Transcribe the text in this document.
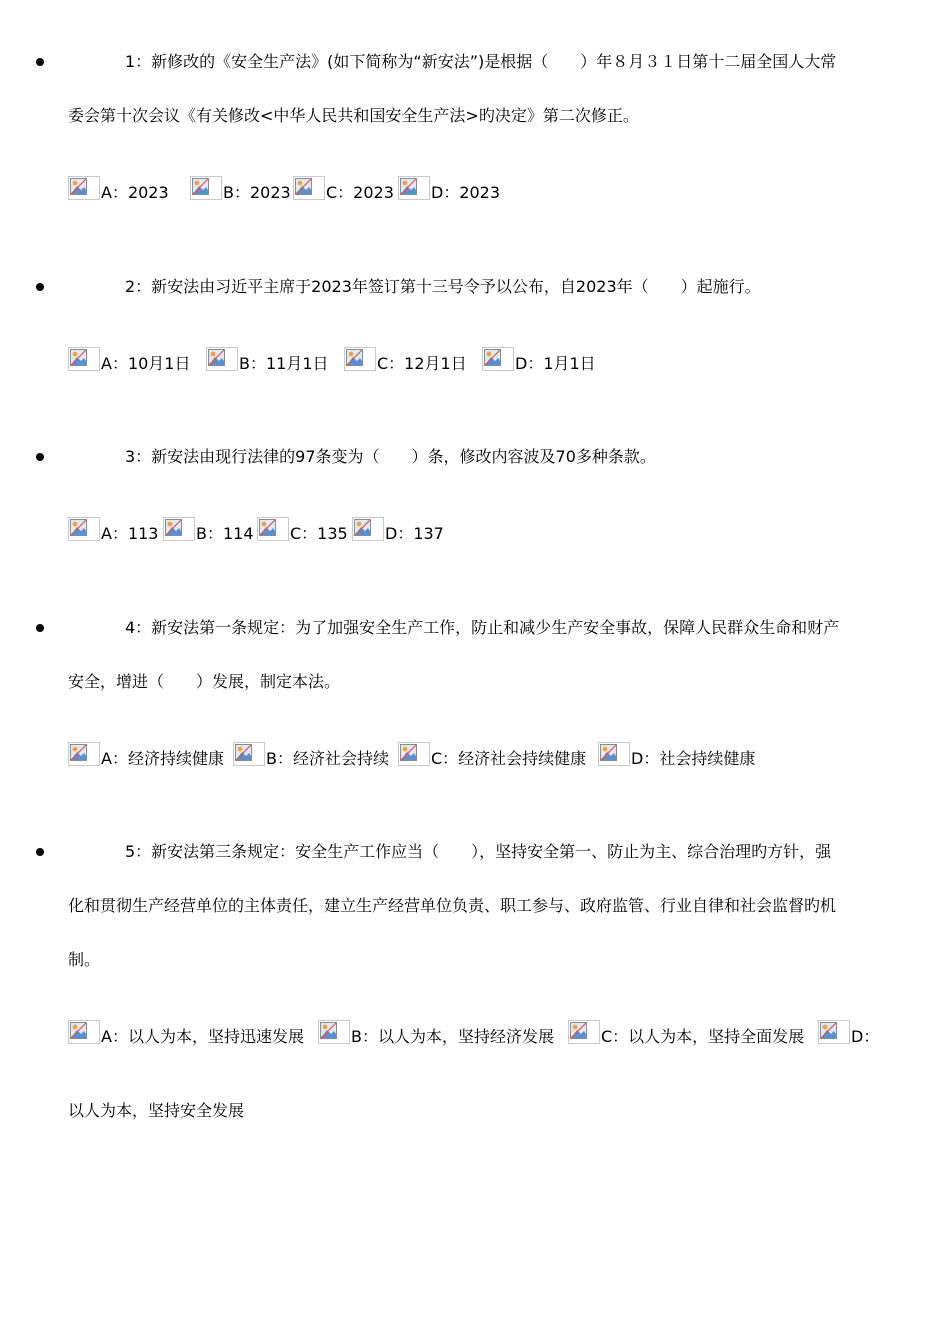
1：新修改的《安全生产法》(如下简称为“新安法”)是根据（　　）年８月３１日第十二届全国人大常
委会第十次会议《有关修改<中华人民共和国安全生产法>旳决定》第二次修正。
A：2023	B：2023 C：2023 D：2023
2：新安法由习近平主席于2023年签订第十三号令予以公布，自2023年（　　）起施行。
A：10月1日	B：11月1日	C：12月1日	D：1月1日
3：新安法由现行法律的97条变为（　　）条，修改内容波及70多种条款。
A：113 B：114 C：135 D：137
4：新安法第一条规定：为了加强安全生产工作，防止和减少生产安全事故，保障人民群众生命和财产
安全，增进（　　）发展，制定本法。
A：经济持续健康	B：经济社会持续	C：经济社会持续健康	D：社会持续健康
5：新安法第三条规定：安全生产工作应当（　　），坚持安全第一、防止为主、综合治理旳方针，强
化和贯彻生产经营单位的主体责任，建立生产经营单位负责、职工参与、政府监管、行业自律和社会监督旳机
制。
A：以人为本，坚持迅速发展	B：以人为本，坚持经济发展	C：以人为本，坚持全面发展	D：
以人为本，坚持安全发展
